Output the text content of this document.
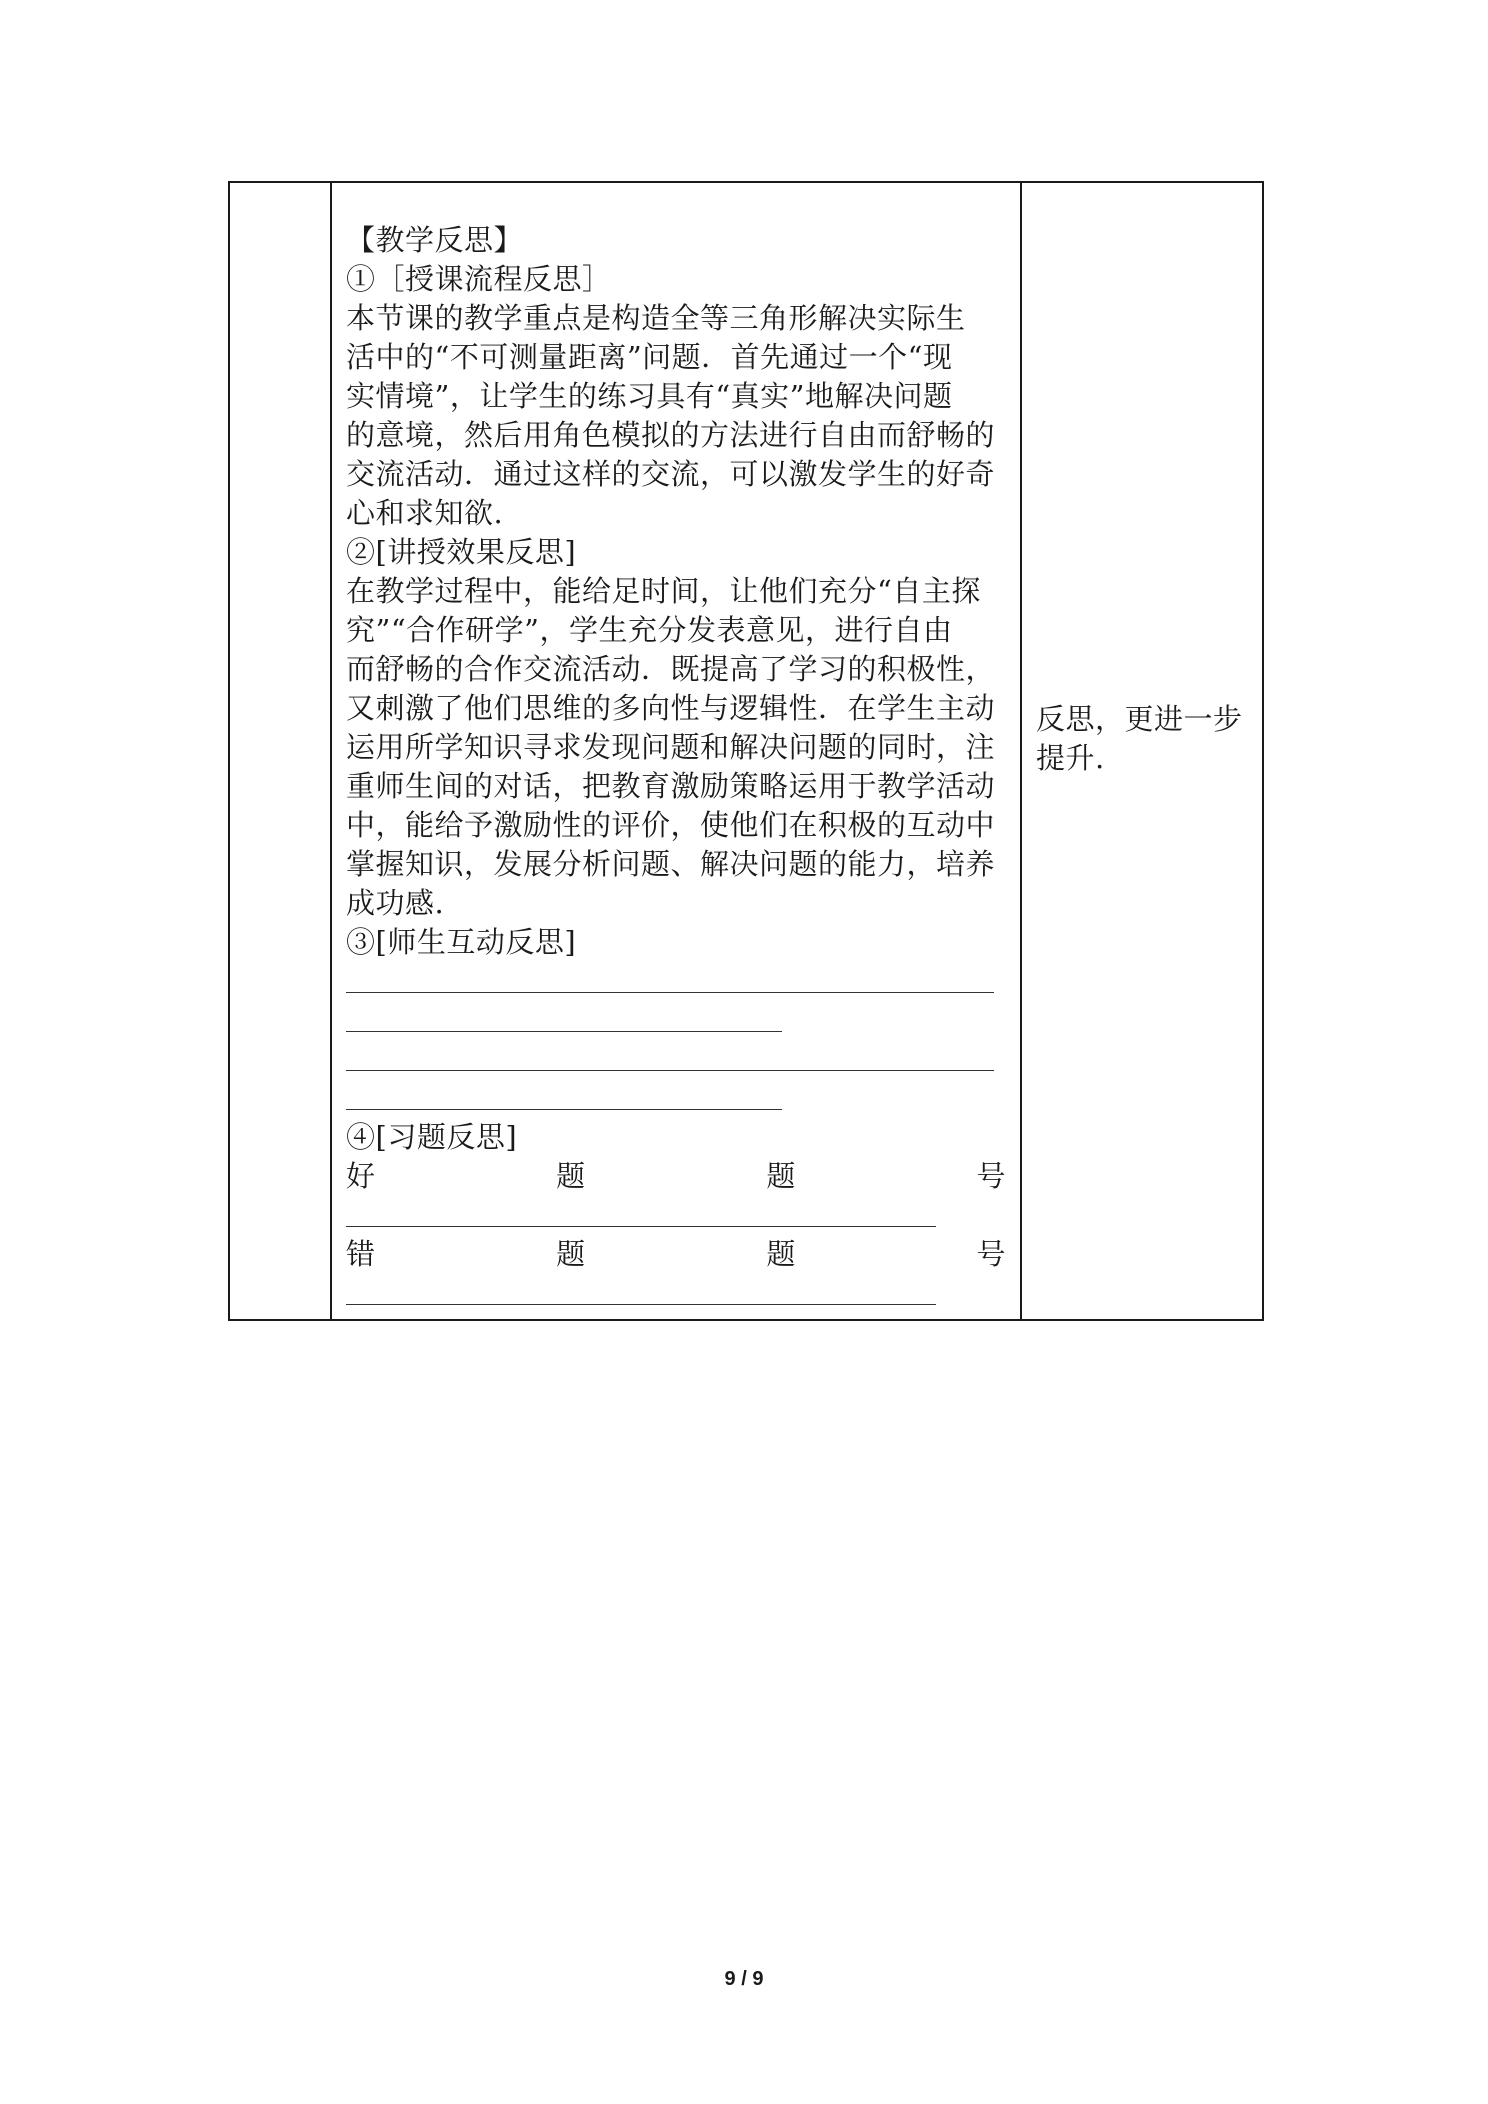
【教学反思】
①［授课流程反思］
本节课的教学重点是构造全等三角形解决实际生
活中的“不可测量距离”问题．首先通过一个“现
实情境”，让学生的练习具有“真实”地解决问题
的意境，然后用角色模拟的方法进行自由而舒畅的
交流活动．通过这样的交流，可以激发学生的好奇
心和求知欲.
②[讲授效果反思]
在教学过程中，能给足时间，让他们充分“自主探
究”“合作研学”，学生充分发表意见，进行自由
而舒畅的合作交流活动．既提高了学习的积极性，
又刺激了他们思维的多向性与逻辑性．在学生主动
运用所学知识寻求发现问题和解决问题的同时，注
重师生间的对话，把教育激励策略运用于教学活动
中，能给予激励性的评价，使他们在积极的互动中
掌握知识，发展分析问题、解决问题的能力，培养
成功感.
③[师生互动反思]
④[习题反思]
好	题	题	号
错	题	题	号
反思，更进一步
提升.
9 / 9
